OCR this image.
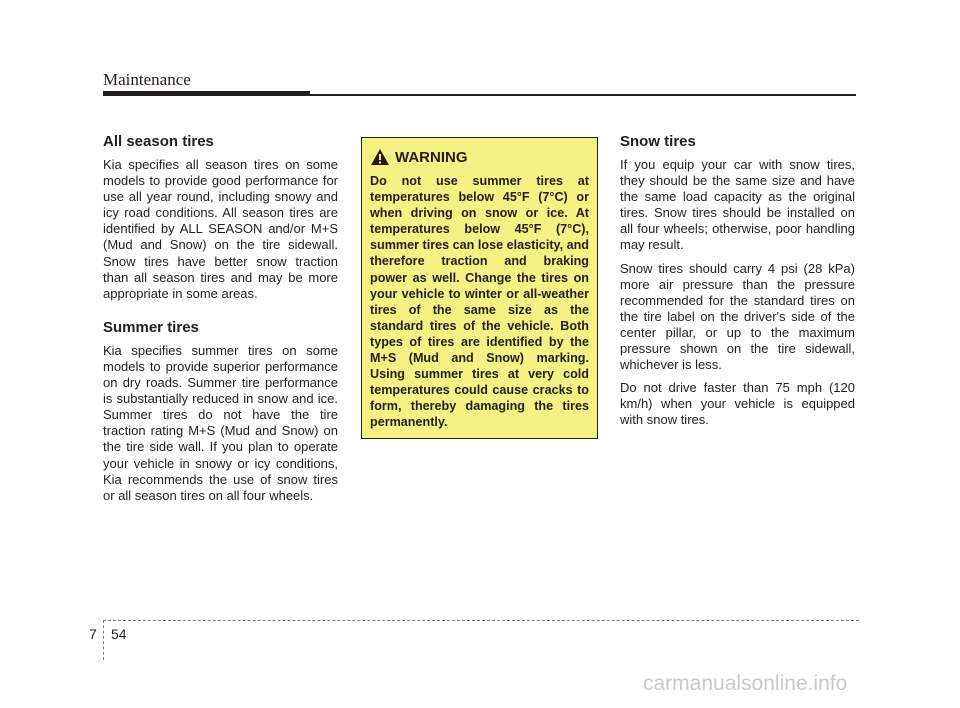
Maintenance
All season tires

Kia specifies all season tires on some models to provide good performance for use all year round, including snowy and icy road conditions. All season tires are identified by ALL SEASON and/or M+S (Mud and Snow) on the tire sidewall. Snow tires have better snow traction than all season tires and may be more appropriate in some areas.

Summer tires

Kia specifies summer tires on some models to provide superior performance on dry roads. Summer tire performance is substantially reduced in snow and ice. Summer tires do not have the tire traction rating M+S (Mud and Snow) on the tire side wall. If you plan to operate your vehicle in snowy or icy conditions, Kia recommends the use of snow tires or all season tires on all four wheels.

WARNING

Do not use summer tires at temperatures below 45°F (7°C) or when driving on snow or ice. At temperatures below 45°F (7°C), summer tires can lose elasticity, and therefore traction and braking power as well. Change the tires on your vehicle to winter or all-weather tires of the same size as the standard tires of the vehicle. Both types of tires are identified by the M+S (Mud and Snow) marking. Using summer tires at very cold temperatures could cause cracks to form, thereby damaging the tires permanently.

Snow tires

If you equip your car with snow tires, they should be the same size and have the same load capacity as the original tires. Snow tires should be installed on all four wheels; otherwise, poor handling may result.

Snow tires should carry 4 psi (28 kPa) more air pressure than the pressure recommended for the standard tires on the tire label on the driver's side of the center pillar, or up to the maximum pressure shown on the tire sidewall, whichever is less.

Do not drive faster than 75 mph (120 km/h) when your vehicle is equipped with snow tires.

7 54
carmanualsonline.info
